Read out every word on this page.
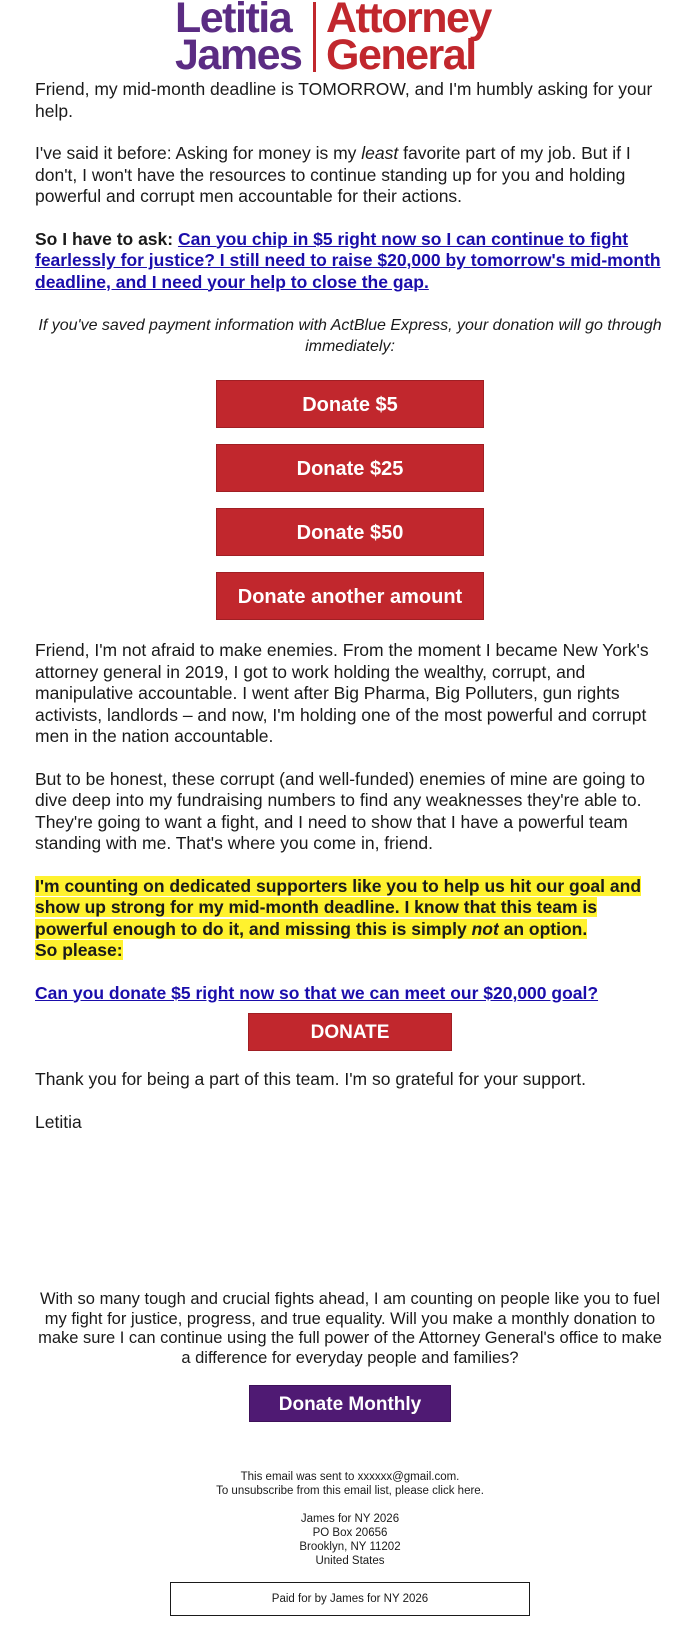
Letitia
James
Attorney
General

Friend, my mid-month deadline is TOMORROW, and I'm humbly asking for your help.

I've said it before: Asking for money is my least favorite part of my job. But if I don't, I won't have the resources to continue standing up for you and holding powerful and corrupt men accountable for their actions.

So I have to ask: Can you chip in $5 right now so I can continue to fight fearlessly for justice? I still need to raise $20,000 by tomorrow's mid-month deadline, and I need your help to close the gap.

If you've saved payment information with ActBlue Express, your donation will go through immediately:

Donate $5
Donate $25
Donate $50
Donate another amount

Friend, I'm not afraid to make enemies. From the moment I became New York's attorney general in 2019, I got to work holding the wealthy, corrupt, and manipulative accountable. I went after Big Pharma, Big Polluters, gun rights activists, landlords – and now, I'm holding one of the most powerful and corrupt men in the nation accountable.

But to be honest, these corrupt (and well-funded) enemies of mine are going to dive deep into my fundraising numbers to find any weaknesses they're able to. They're going to want a fight, and I need to show that I have a powerful team standing with me. That's where you come in, friend.

I'm counting on dedicated supporters like you to help us hit our goal and show up strong for my mid-month deadline. I know that this team is powerful enough to do it, and missing this is simply not an option.
So please:

Can you donate $5 right now so that we can meet our $20,000 goal?

DONATE

Thank you for being a part of this team. I'm so grateful for your support.

Letitia

With so many tough and crucial fights ahead, I am counting on people like you to fuel my fight for justice, progress, and true equality. Will you make a monthly donation to make sure I can continue using the full power of the Attorney General's office to make a difference for everyday people and families?

Donate Monthly
This email was sent to xxxxxx@gmail.com.
To unsubscribe from this email list, please click here.
James for NY 2026
PO Box 20656
Brooklyn, NY 11202
United States
Paid for by James for NY 2026
